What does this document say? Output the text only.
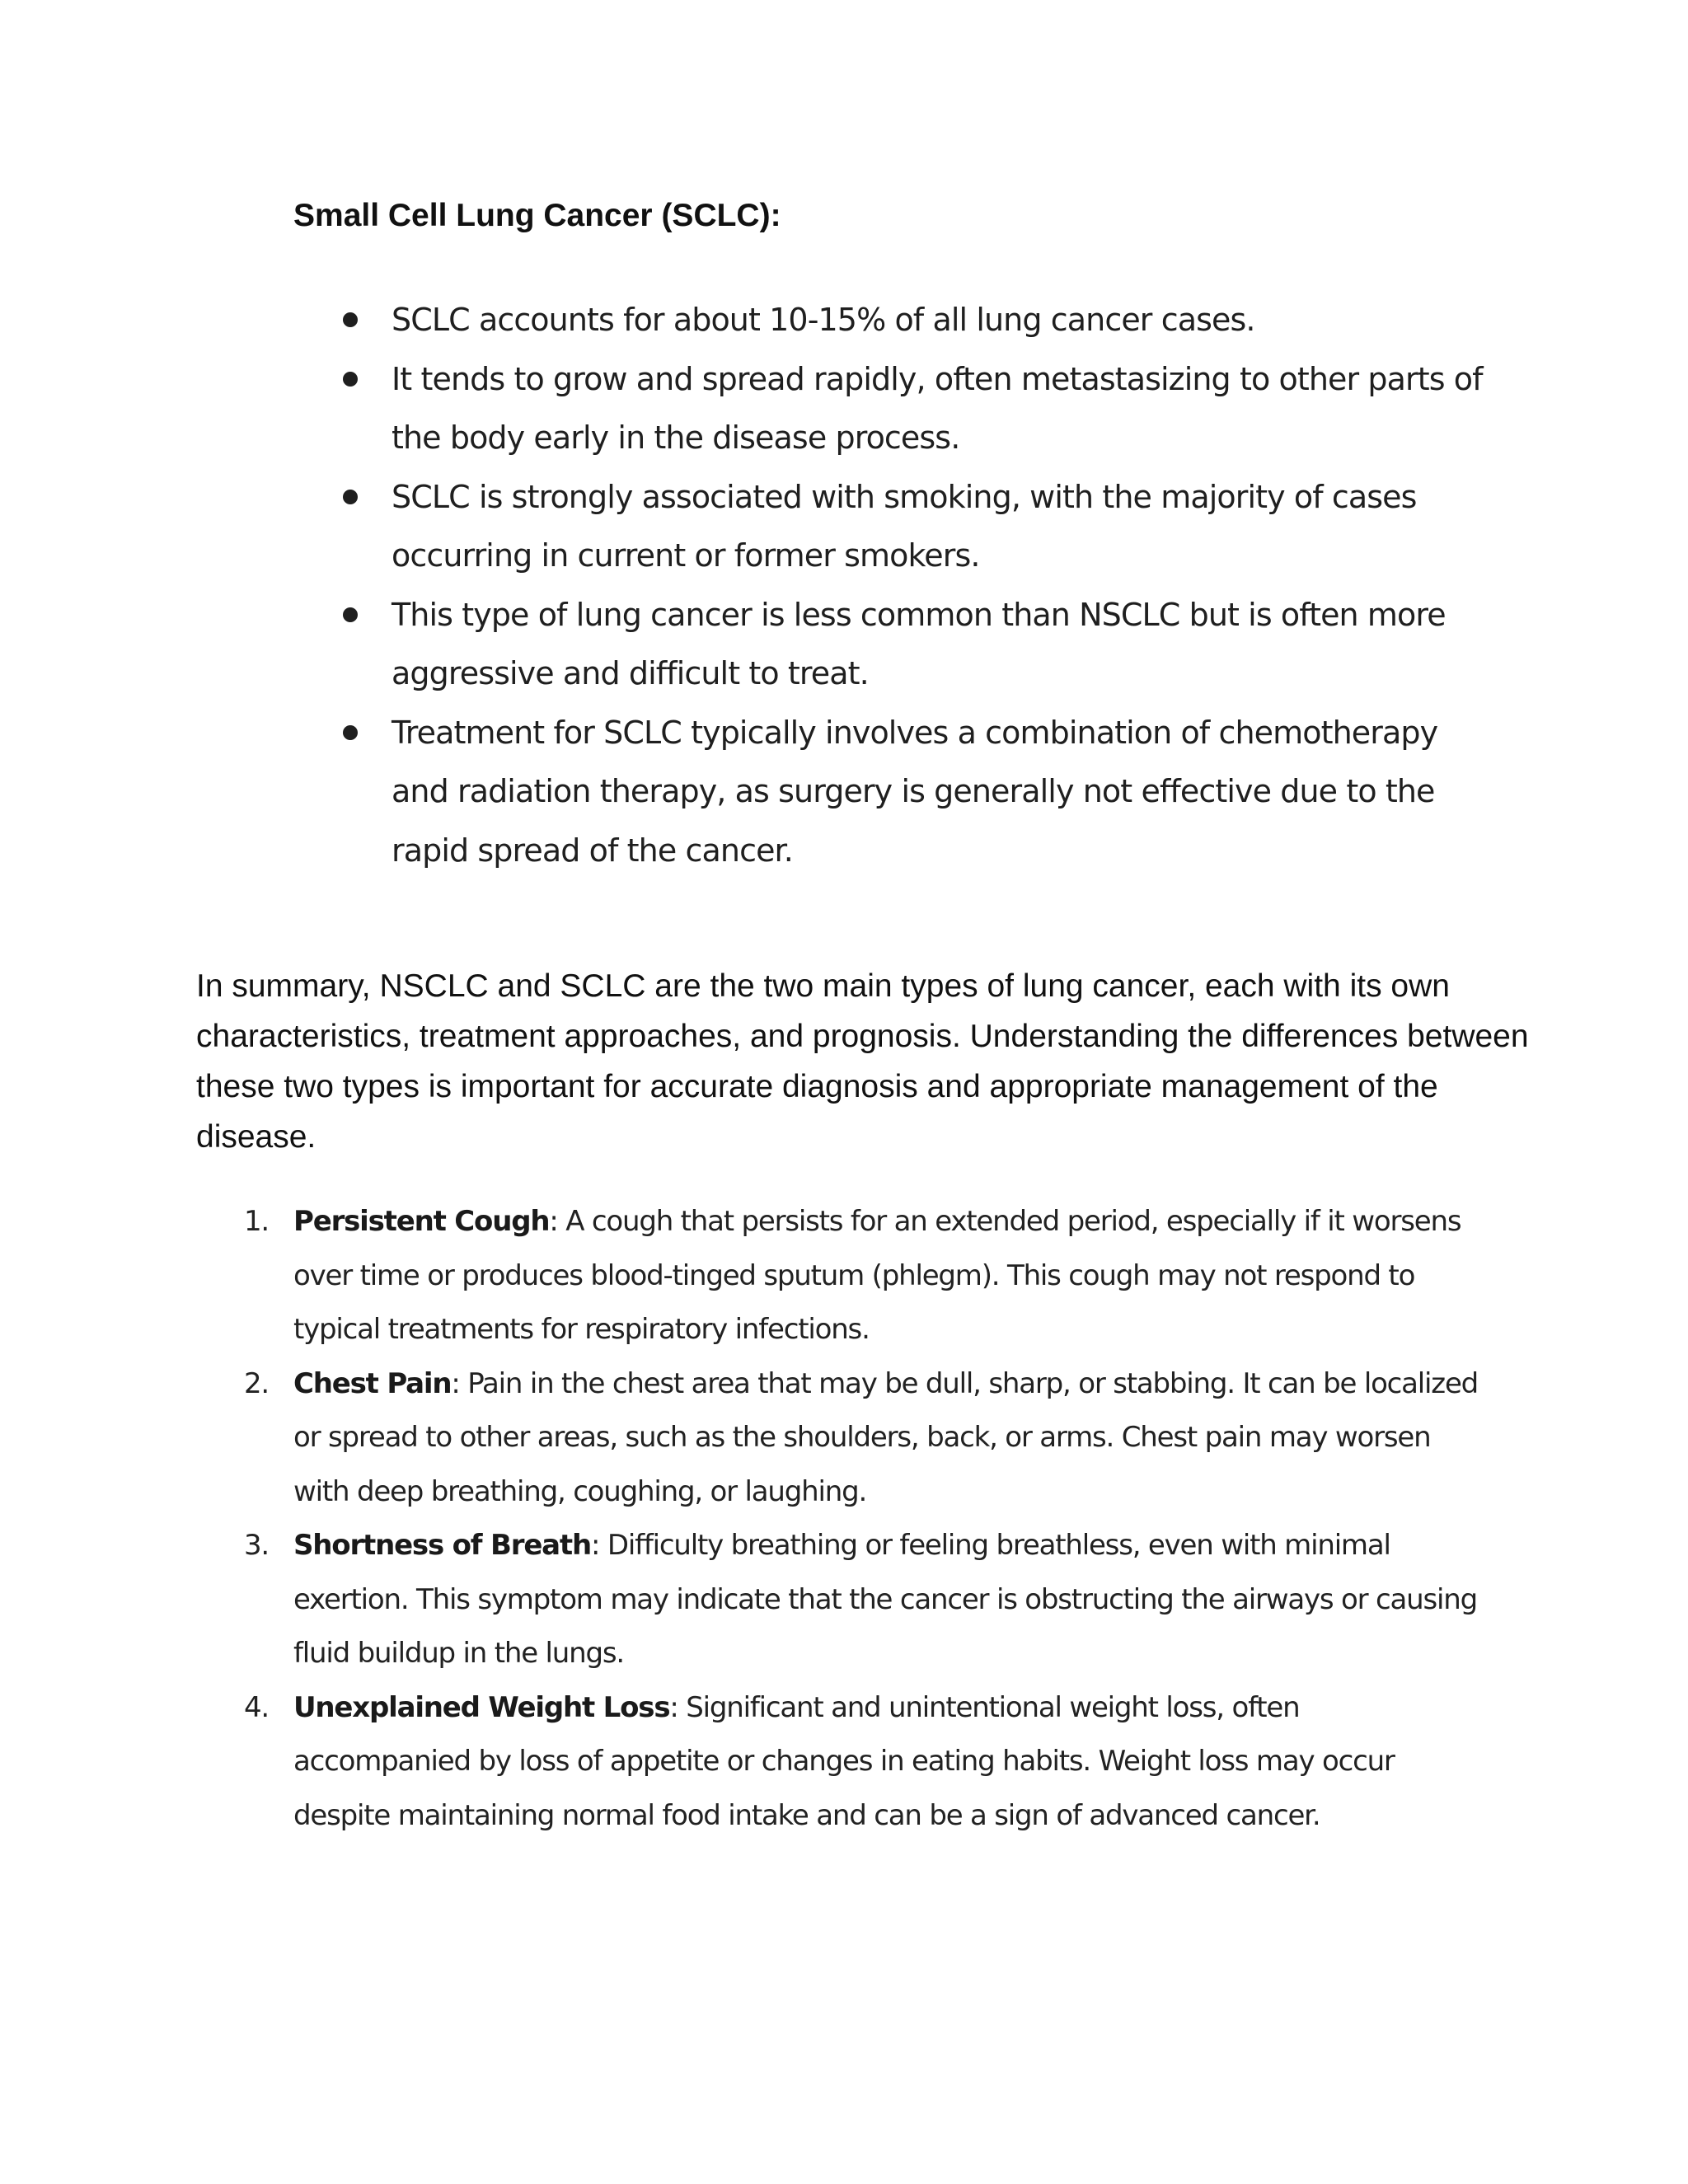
Small Cell Lung Cancer (SCLC):
SCLC accounts for about 10-15% of all lung cancer cases.
It tends to grow and spread rapidly, often metastasizing to other parts of the body early in the disease process.
SCLC is strongly associated with smoking, with the majority of cases occurring in current or former smokers.
This type of lung cancer is less common than NSCLC but is often more aggressive and difficult to treat.
Treatment for SCLC typically involves a combination of chemotherapy and radiation therapy, as surgery is generally not effective due to the rapid spread of the cancer.

In summary, NSCLC and SCLC are the two main types of lung cancer, each with its own characteristics, treatment approaches, and prognosis. Understanding the differences between these two types is important for accurate diagnosis and appropriate management of the disease.

1. Persistent Cough: A cough that persists for an extended period, especially if it worsens over time or produces blood-tinged sputum (phlegm). This cough may not respond to typical treatments for respiratory infections.
2. Chest Pain: Pain in the chest area that may be dull, sharp, or stabbing. It can be localized or spread to other areas, such as the shoulders, back, or arms. Chest pain may worsen with deep breathing, coughing, or laughing.
3. Shortness of Breath: Difficulty breathing or feeling breathless, even with minimal exertion. This symptom may indicate that the cancer is obstructing the airways or causing fluid buildup in the lungs.
4. Unexplained Weight Loss: Significant and unintentional weight loss, often accompanied by loss of appetite or changes in eating habits. Weight loss may occur despite maintaining normal food intake and can be a sign of advanced cancer.
